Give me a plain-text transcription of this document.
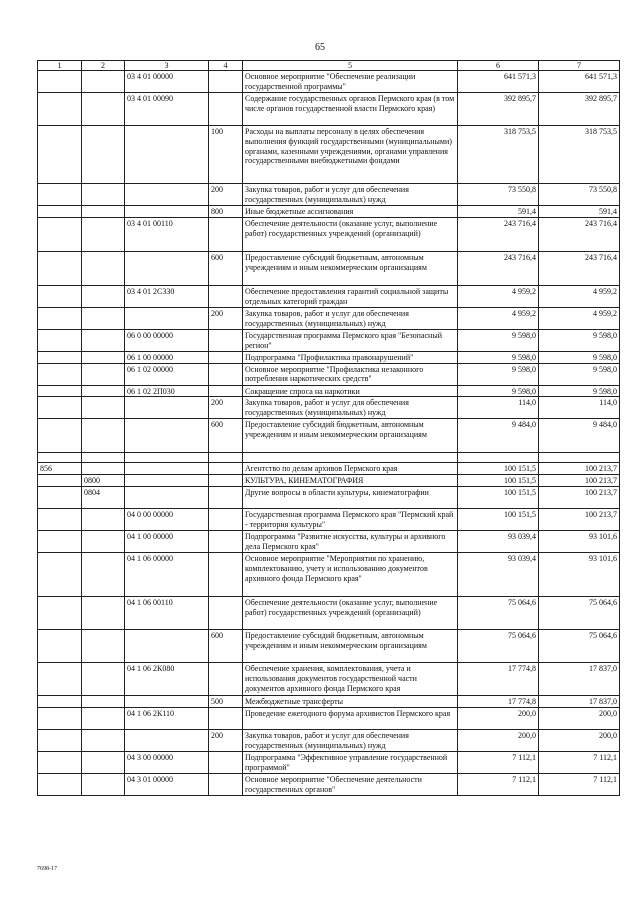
65
1	2	3	4	5	6	7
		03 4 01 00000		Основное мероприятие "Обеспечение реализации государственной программы"	641 571,3	641 571,3
		03 4 01 00090		Содержание государственных органов Пермского края (в том числе органов государственной власти Пермского края)	392 895,7	392 895,7
			100	Расходы на выплаты персоналу в целях обеспечения выполнения функций государственными (муниципальными) органами, казенными учреждениями, органами управления государственными внебюджетными фондами	318 753,5	318 753,5
			200	Закупка товаров, работ и услуг для обеспечения государственных (муниципальных) нужд	73 550,8	73 550,8
			800	Иные бюджетные ассигнования	591,4	591,4
		03 4 01 00110		Обеспечение деятельности (оказание услуг, выполнение работ) государственных учреждений (организаций)	243 716,4	243 716,4
			600	Предоставление субсидий бюджетным, автономным учреждениям и иным некоммерческим организациям	243 716,4	243 716,4
		03 4 01 2С330		Обеспечение предоставления гарантий социальной защиты отдельных категорий граждан	4 959,2	4 959,2
			200	Закупка товаров, работ и услуг для обеспечения государственных (муниципальных) нужд	4 959,2	4 959,2
		06 0 00 00000		Государственная программа Пермского края "Безопасный регион"	9 598,0	9 598,0
		06 1 00 00000		Подпрограмма "Профилактика правонарушений"	9 598,0	9 598,0
		06 1 02 00000		Основное мероприятие "Профилактика незаконного потребления наркотических средств"	9 598,0	9 598,0
		06 1 02 2П030		Сокращение спроса на наркотики	9 598,0	9 598,0
			200	Закупка товаров, работ и услуг для обеспечения государственных (муниципальных) нужд	114,0	114,0
			600	Предоставление субсидий бюджетным, автономным учреждениям и иным некоммерческим организациям	9 484,0	9 484,0

856				Агентство по делам архивов Пермского края	100 151,5	100 213,7
	0800			КУЛЬТУРА, КИНЕМАТОГРАФИЯ	100 151,5	100 213,7
	0804			Другие вопросы в области культуры, кинематографии	100 151,5	100 213,7
		04 0 00 00000		Государственная программа Пермского края "Пермский край - территория культуры"	100 151,5	100 213,7
		04 1 00 00000		Подпрограмма "Развитие искусства, культуры и архивного дела Пермского края"	93 039,4	93 101,6
		04 1 06 00000		Основное мероприятие "Мероприятия по хранению, комплектованию, учету и использованию документов архивного фонда Пермского края"	93 039,4	93 101,6
		04 1 06 00110		Обеспечение деятельности (оказание услуг, выполнение работ) государственных учреждений (организаций)	75 064,6	75 064,6
			600	Предоставление субсидий бюджетным, автономным учреждениям и иным некоммерческим организациям	75 064,6	75 064,6
		04 1 06 2К080		Обеспечение хранения, комплектования, учета и использования документов государственной части документов архивного фонда Пермского края	17 774,8	17 837,0
			500	Межбюджетные трансферты	17 774,8	17 837,0
		04 1 06 2К110		Проведение ежегодного форума архивистов Пермского края	200,0	200,0
			200	Закупка товаров, работ и услуг для обеспечения государственных (муниципальных) нужд	200,0	200,0
		04 3 00 00000		Подпрограмма "Эффективное управление государственной программой"	7 112,1	7 112,1
		04 3 01 00000		Основное мероприятие "Обеспечение деятельности государственных органов"	7 112,1	7 112,1
7698-17
